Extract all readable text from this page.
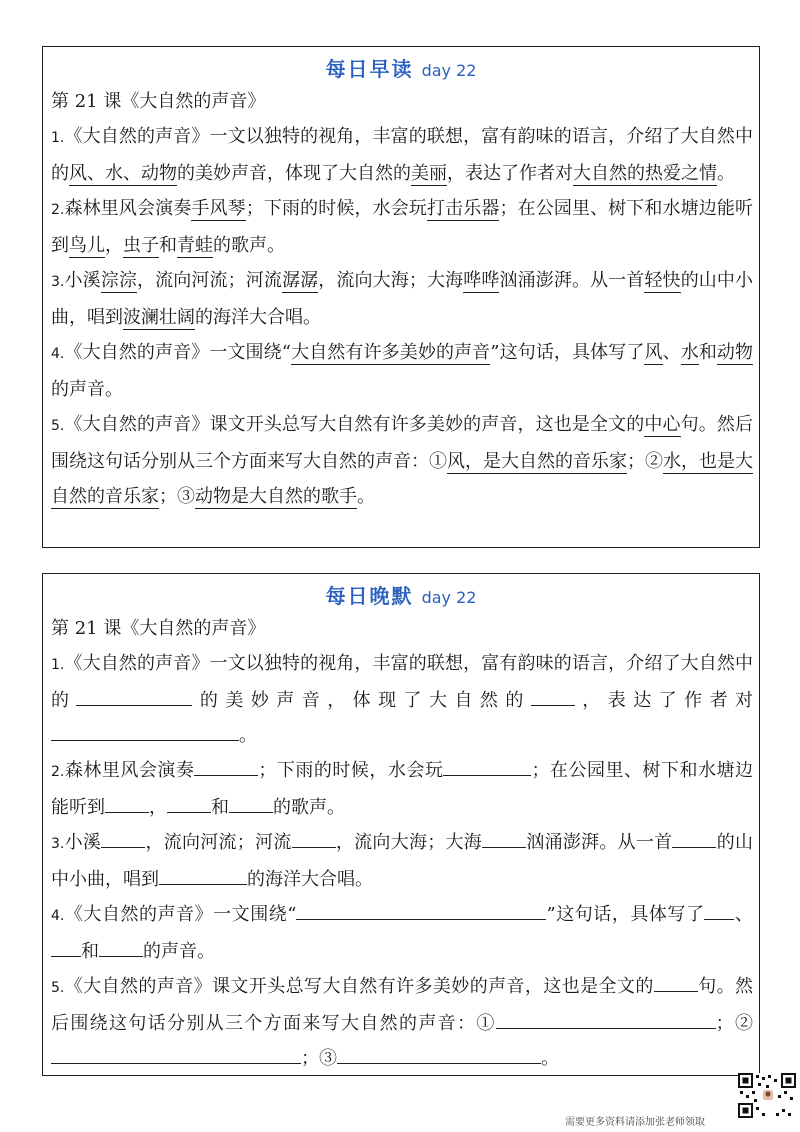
每日早读 day 22
第 21 课《大自然的声音》
1.《大自然的声音》一文以独特的视角，丰富的联想，富有韵味的语言，介绍了大自然中的风、水、动物的美妙声音，体现了大自然的美丽，表达了作者对大自然的热爱之情。
2.森林里风会演奏手风琴；下雨的时候，水会玩打击乐器；在公园里、树下和水塘边能听到鸟儿，虫子和青蛙的歌声。
3.小溪淙淙，流向河流；河流潺潺，流向大海；大海哗哗汹涌澎湃。从一首轻快的山中小曲，唱到波澜壮阔的海洋大合唱。
4.《大自然的声音》一文围绕“大自然有许多美妙的声音”这句话，具体写了风、水和动物的声音。
5.《大自然的声音》课文开头总写大自然有许多美妙的声音，这也是全文的中心句。然后围绕这句话分别从三个方面来写大自然的声音：①风，是大自然的音乐家；②水，也是大自然的音乐家；③动物是大自然的歌手。
每日晚默 day 22
第 21 课《大自然的声音》
1.《大自然的声音》一文以独特的视角，丰富的联想，富有韵味的语言，介绍了大自然中的	的美妙声音，体现了大自然的 ，表达了作者对。
2.森林里风会演奏	；下雨的时候，水会玩	；在公园里、树下和水塘边能听到 ， 和 的歌声。
3.小溪 ，流向河流；河流 ，流向大海；大海 汹涌澎湃。从一首 的山中小曲，唱到	的海洋大合唱。
4.《大自然的声音》一文围绕“	”这句话，具体写了 、和 的声音。
5.《大自然的声音》课文开头总写大自然有许多美妙的声音，这也是全文的 句。然后围绕这句话分别从三个方面来写大自然的声音：①	；②；③	。
需要更多资料请添加张老师领取
